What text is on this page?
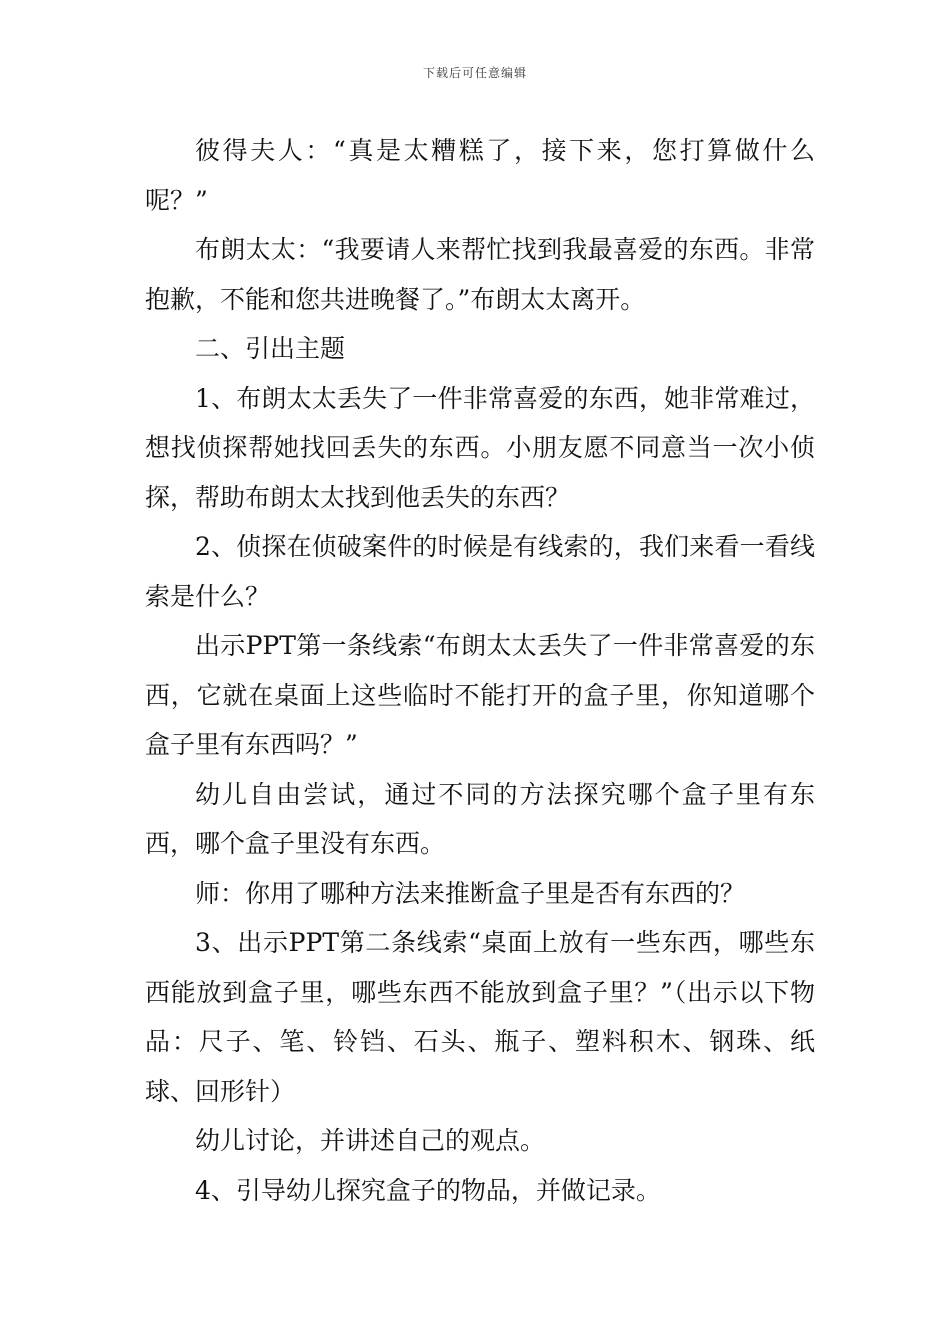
下载后可任意编辑

彼得夫人：“真是太糟糕了，接下来，您打算做什么呢？”

布朗太太：“我要请人来帮忙找到我最喜爱的东西。非常抱歉，不能和您共进晚餐了。”布朗太太离开。

二、引出主题

1、布朗太太丢失了一件非常喜爱的东西，她非常难过，想找侦探帮她找回丢失的东西。小朋友愿不同意当一次小侦探，帮助布朗太太找到他丢失的东西？

2、侦探在侦破案件的时候是有线索的，我们来看一看线索是什么？

出示PPT第一条线索“布朗太太丢失了一件非常喜爱的东西，它就在桌面上这些临时不能打开的盒子里，你知道哪个盒子里有东西吗？”

幼儿自由尝试，通过不同的方法探究哪个盒子里有东西，哪个盒子里没有东西。

师：你用了哪种方法来推断盒子里是否有东西的？

3、出示PPT第二条线索“桌面上放有一些东西，哪些东西能放到盒子里，哪些东西不能放到盒子里？”（出示以下物品：尺子、笔、铃铛、石头、瓶子、塑料积木、钢珠、纸球、回形针）

幼儿讨论，并讲述自己的观点。

4、引导幼儿探究盒子的物品，并做记录。
